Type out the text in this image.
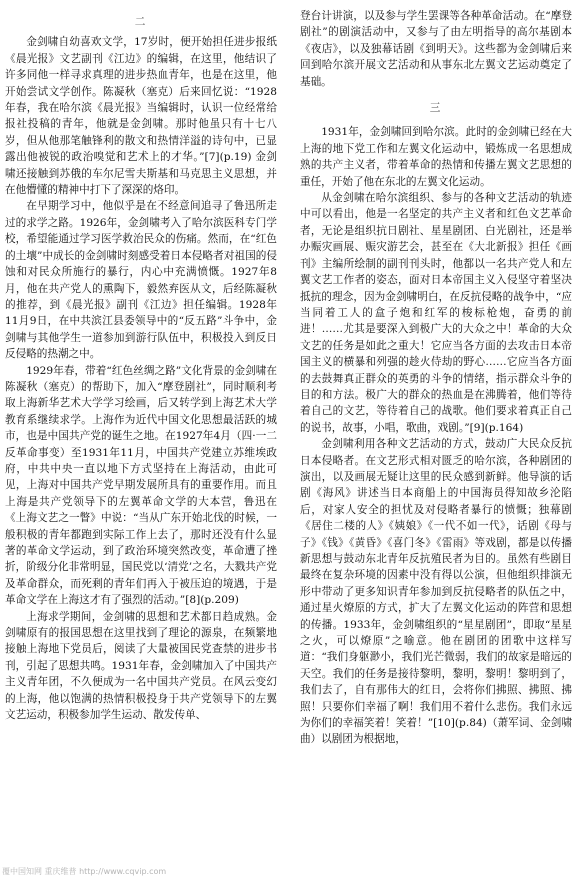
二

金剑啸自幼喜欢文学，17岁时，便开始担任进步报纸《晨光报》文艺副刊《江边》的编辑，在这里，他结识了许多同他一样寻求真理的进步热血青年，也是在这里，他开始尝试文学创作。陈凝秋（塞克）后来回忆说：“1928年春，我在哈尔滨《晨光报》当编辑时，认识一位经常给报社投稿的青年，他就是金剑啸。那时他虽只有十七八岁，但从他那笔触锋利的散文和热情洋溢的诗句中，已显露出他被锐的政治嗅觉和艺术上的才华。”[7](p.19) 金剑啸还接触到苏俄的车尔尼雪夫斯基和马克思主义思想，并在他懵懂的精神中打下了深深的烙印。

在早期学习中，他似乎是在不经意间追寻了鲁迅所走过的求学之路。1926年，金剑啸考入了哈尔滨医科专门学校，希望能通过学习医学救治民众的伤痛。然而，在“红色的土壤”中成长的金剑啸时刻感受着日本侵略者对祖国的侵蚀和对民众所施行的暴行，内心中充满愤慨。1927年8月，他在共产党人的熏陶下，毅然弃医从文，后经陈凝秋的推荐，到《晨光报》副刊《江边》担任编辑。1928年11月9日，在中共滨江县委领导中的“反五路”斗争中，金剑啸与其他学生一道参加到游行队伍中，积极投入到反日反侵略的热潮之中。

1929年春，带着“红色丝绸之路”文化背景的金剑啸在陈凝秋（塞克）的帮助下，加入“摩登剧社”，同时顺利考取上海新华艺术大学学习绘画，后又转学到上海艺术大学教育系继续求学。上海作为近代中国文化思想最活跃的城市，也是中国共产党的诞生之地。在1927年4月（四·一二反革命事变）至1931年11月，中国共产党建立苏维埃政府，中共中央一直以地下方式坚持在上海活动，由此可见，上海对中国共产党早期发展所具有的重要作用。而且上海是共产党领导下的左翼革命文学的大本营，鲁迅在《上海文艺之一瞥》中说：“当从广东开始北伐的时候，一般积极的青年都跑到实际工作上去了，那时还没有什么显著的革命文学运动，到了政治环境突然改变，革命遭了挫折，阶级分化非常明显，国民党以‘清党’之名，大戮共产党及革命群众，而死剩的青年们再入于被压迫的境遇，于是革命文学在上海这才有了强烈的活动。”[8](p.209)

上海求学期间，金剑啸的思想和艺术都日趋成熟。金剑啸原有的报国思想在这里找到了理论的源泉，在频繁地接触上海地下党员后，阅读了大量被国民党查禁的进步书刊，引起了思想共鸣。1931年春，金剑啸加入了中国共产主义青年团，不久便成为一名中国共产党员。在风云变幻的上海，他以饱满的热情积极投身于共产党领导下的左翼文艺运动，积极参加学生运动、散发传单、

登台计讲演，以及参与学生罢课等各种革命活动。在“摩登剧社”的剧演活动中，又参与了由左明指导的高尔基剧本《夜店》，以及独幕话剧《到明天》。这些都为金剑啸后来回到哈尔滨开展文艺活动和从事东北左翼文艺运动奠定了基础。

三

1931年，金剑啸回到哈尔滨。此时的金剑啸已经在大上海的地下党工作和左翼文化运动中，锻炼成一名思想成熟的共产主义者，带着革命的热情和传播左翼文艺思想的重任，开始了他在东北的左翼文化运动。

从金剑啸在哈尔滨组织、参与的各种文艺活动的轨迹中可以看出，他是一名坚定的共产主义者和红色文艺革命者，无论是组织抗日剧社、星星剧团、白光剧社，还是举办赈灾画展、赈灾游艺会，甚至在《大北新报》担任《画刊》主编所绘制的副刊刊头时，他都以一名共产党人和左翼文艺工作者的姿态，面对日本帝国主义入侵坚守着坚决抵抗的理念，因为金剑啸明白，在反抗侵略的战争中，“应当同着工人的盒子炮和红军的梭标枪炮，奋勇的前进！……尤其是要深入到极广大的大众之中！革命的大众文艺的任务是如此之重大！它应当各方面的去攻击日本帝国主义的横暴和列强的趁火侍劫的野心……它应当各方面的去鼓舞真正群众的英勇的斗争的情绪，指示群众斗争的目的和方法。极广大的群众的热血是在沸腾着，他们等待着自己的文艺，等待着自己的战歌。他们要求着真正自己的说书，故事，小唱，歌曲，戏剧。”[9](p.164)

金剑啸利用各种文艺活动的方式，鼓动广大民众反抗日本侵略者。在文艺形式相对匮乏的哈尔滨，各种剧团的演出，以及画展无疑让这里的民众感到新鲜。他导演的话剧《海风》讲述当日本商船上的中国海员得知故乡沦陷后，对家人安全的担忧及对侵略者暴行的愤慨；独幕剧《居住二楼的人》《姨娘》《一代不如一代》，话剧《母与子》《钱》《黄昏》《喜门冬》《雷雨》等戏剧，都是以传播新思想与鼓动东北青年反抗殖民者为目的。虽然有些剧目最终在复杂环境的因素中没有得以公演，但他组织排演无形中带动了更多知识青年参加到反抗侵略者的队伍之中，通过星火燎原的方式，扩大了左翼文化运动的阵营和思想的传播。1933年，金剑啸组织的“星星剧团”，即取“星星之火，可以燎原”之喻意。他在剧团的团歌中这样写道：“我们身躯渺小，我们光芒微弱，我们的故家是暗远的天空。我们的任务是接待黎明，黎明，黎明！黎明到了，我们去了，自有那伟大的红日，会将你们拂照、拂照、拂照！只要你们幸福了啊！我们用不着什么悲伤。我们永远为你们的幸福笑着！笑着！”[10](p.84)（萧军词、金剑啸曲）以剧团为根据地，

覆中国知网 重庆维普 http://www.cqvip.com
